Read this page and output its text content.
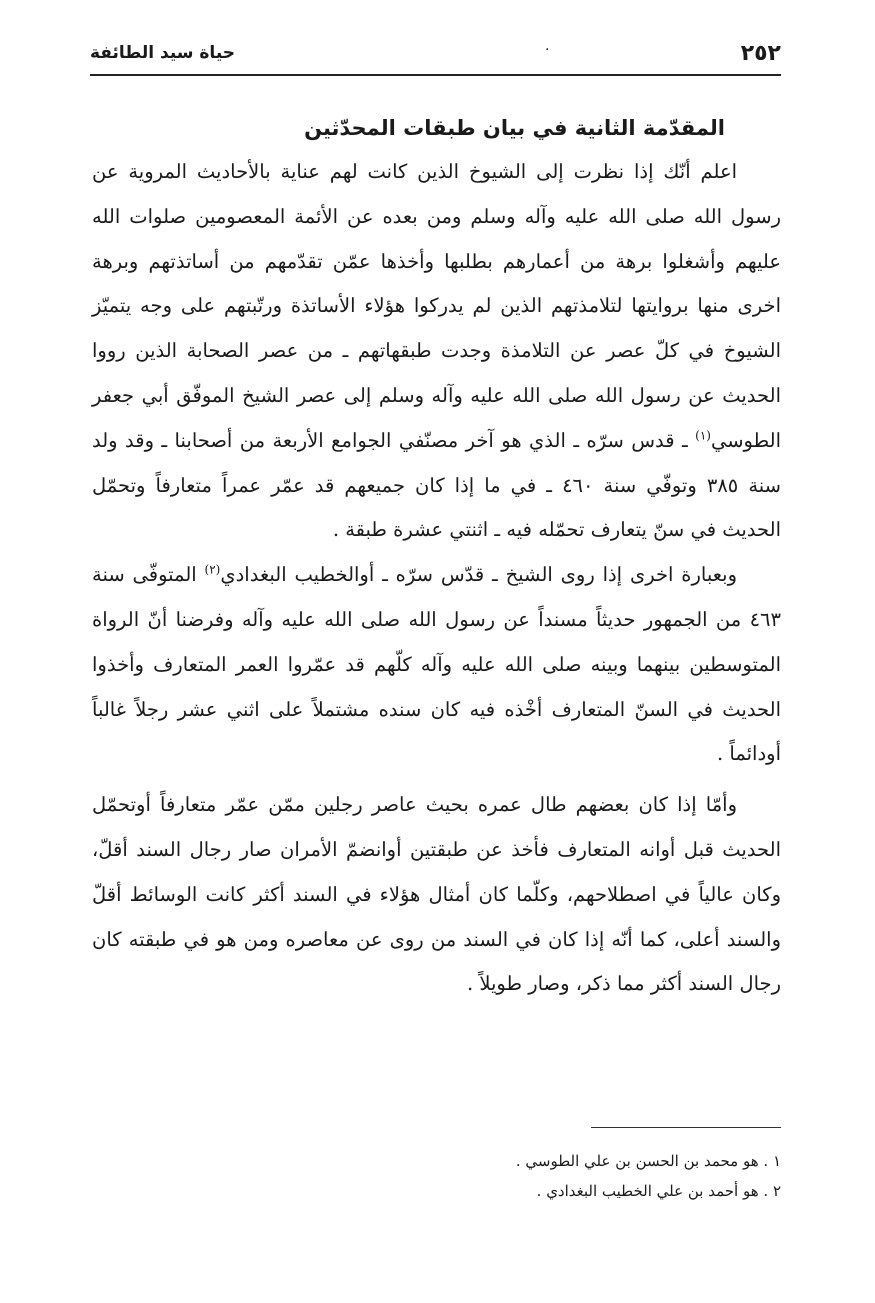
٢٥٢
حياة سيد الطائفة	.
المقدّمة الثانية في بيان طبقات المحدّثين

اعلم أنّك إذا نظرت إلى الشيوخ الذين كانت لهم عناية بالأحاديث المروية عن رسول الله صلى الله عليه وآله وسلم ومن بعده عن الأئمة المعصومين صلوات الله عليهم وأشغلوا برهة من أعمارهم بطلبها وأخذها عمّن تقدّمهم من أساتذتهم وبرهة اخرى منها بروايتها لتلامذتهم الذين لم يدركوا هؤلاء الأساتذة ورتّبتهم على وجه يتميّز الشيوخ في كلّ عصر عن التلامذة وجدت طبقهاتهم ـ من عصر الصحابة الذين رووا الحديث عن رسول الله صلى الله عليه وآله وسلم إلى عصر الشيخ الموفّق أبي جعفر الطوسي$^{(١)}$ ـ قدس سرّه ـ الذي هو آخر مصنّفي الجوامع الأربعة من أصحابنا ـ وقد ولد سنة ٣٨٥ وتوفّي سنة ٤٦٠ ـ في ما إذا كان جميعهم قد عمّر عمراً متعارفاً وتحمّل الحديث في سنّ يتعارف تحمّله فيه ـ اثنتي عشرة طبقة .

وبعبارة اخرى إذا روى الشيخ ـ قدّس سرّه ـ أوالخطيب البغدادي$^{(٢)}$ المتوفّى سنة ٤٦٣ من الجمهور حديثاً مسنداً عن رسول الله صلى الله عليه وآله وفرضنا أنّ الرواة المتوسطين بينهما وبينه صلى الله عليه وآله كلّهم قد عمّروا العمر المتعارف وأخذوا الحديث في السنّ المتعارف أخْذه فيه كان سنده مشتملاً على اثني عشر رجلاً غالباً أودائماً .

وأمّا إذا كان بعضهم طال عمره بحيث عاصر رجلين ممّن عمّر متعارفاً أوتحمّل الحديث قبل أوانه المتعارف فأخذ عن طبقتين أوانضمّ الأمران صار رجال السند أقلّ، وكان عالياً في اصطلاحهم، وكلّما كان أمثال هؤلاء في السند أكثر كانت الوسائط أقلّ والسند أعلى، كما أنّه إذا كان في السند من روى عن معاصره ومن هو في طبقته كان رجال السند أكثر مما ذكر، وصار طويلاً .

١ . هو محمد بن الحسن بن علي الطوسي .

٢ . هو أحمد بن علي الخطيب البغدادي .
